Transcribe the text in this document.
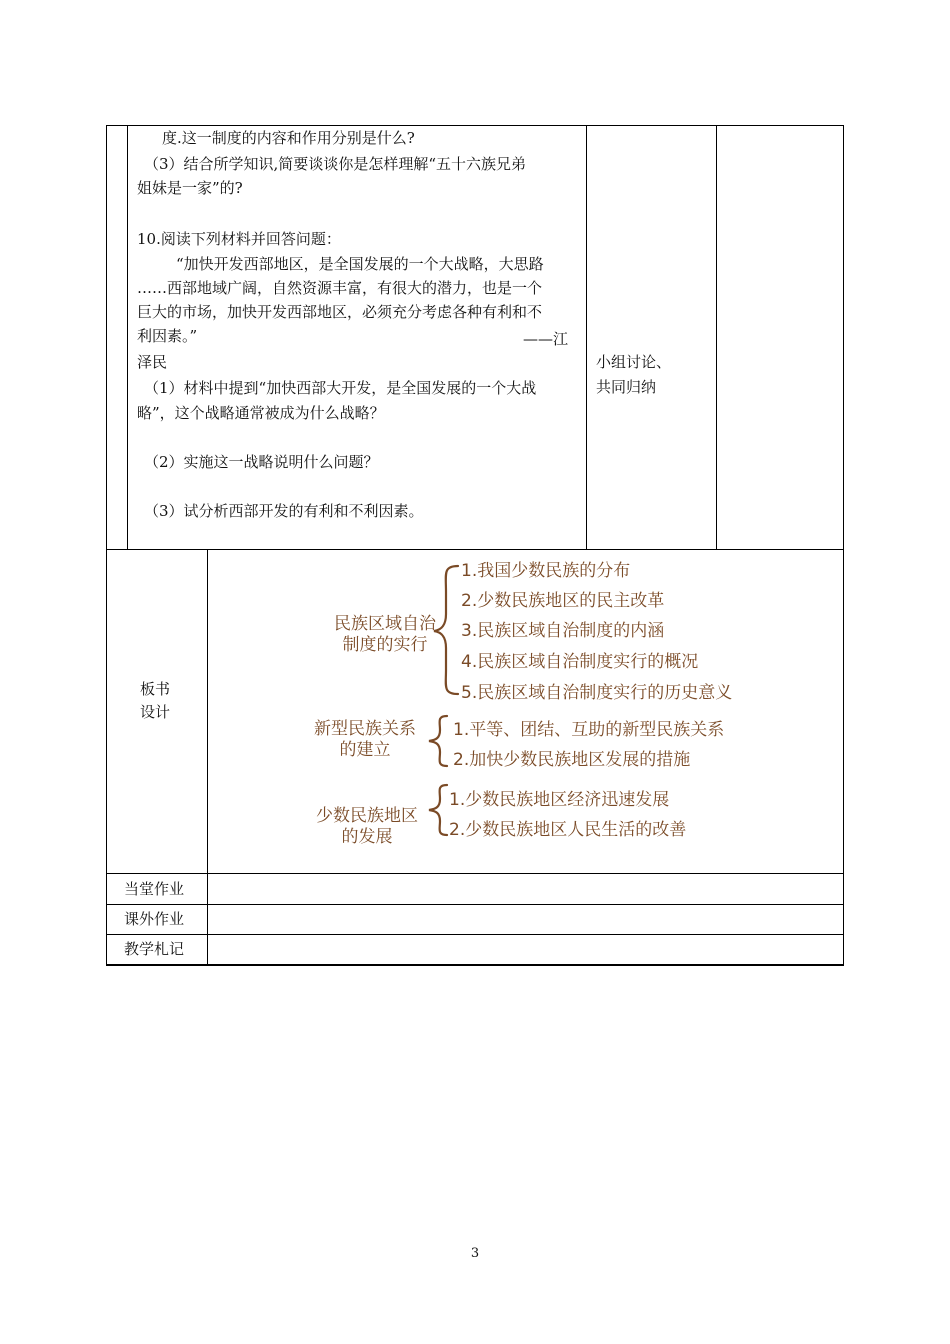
度.这一制度的内容和作用分别是什么?
（3）结合所学知识,简要谈谈你是怎样理解“五十六族兄弟
姐妹是一家”的?
10.阅读下列材料并回答问题：
“加快开发西部地区，是全国发展的一个大战略，大思路
……西部地域广阔，自然资源丰富，有很大的潜力，也是一个
巨大的市场，加快开发西部地区，必须充分考虑各种有利和不
利因素。”	——江
泽民
（1）材料中提到“加快西部大开发，是全国发展的一个大战
略”，这个战略通常被成为什么战略？
（2）实施这一战略说明什么问题？
（3）试分析西部开发的有利和不利因素。
小组讨论、
共同归纳
板书
设计
民族区域自治
制度的实行
1.我国少数民族的分布
2.少数民族地区的民主改革
3.民族区域自治制度的内涵
4.民族区域自治制度实行的概况
5.民族区域自治制度实行的历史意义
新型民族关系
的建立
1.平等、团结、互助的新型民族关系
2.加快少数民族地区发展的措施
少数民族地区
的发展
1.少数民族地区经济迅速发展
2.少数民族地区人民生活的改善
当堂作业
课外作业
教学札记
3
